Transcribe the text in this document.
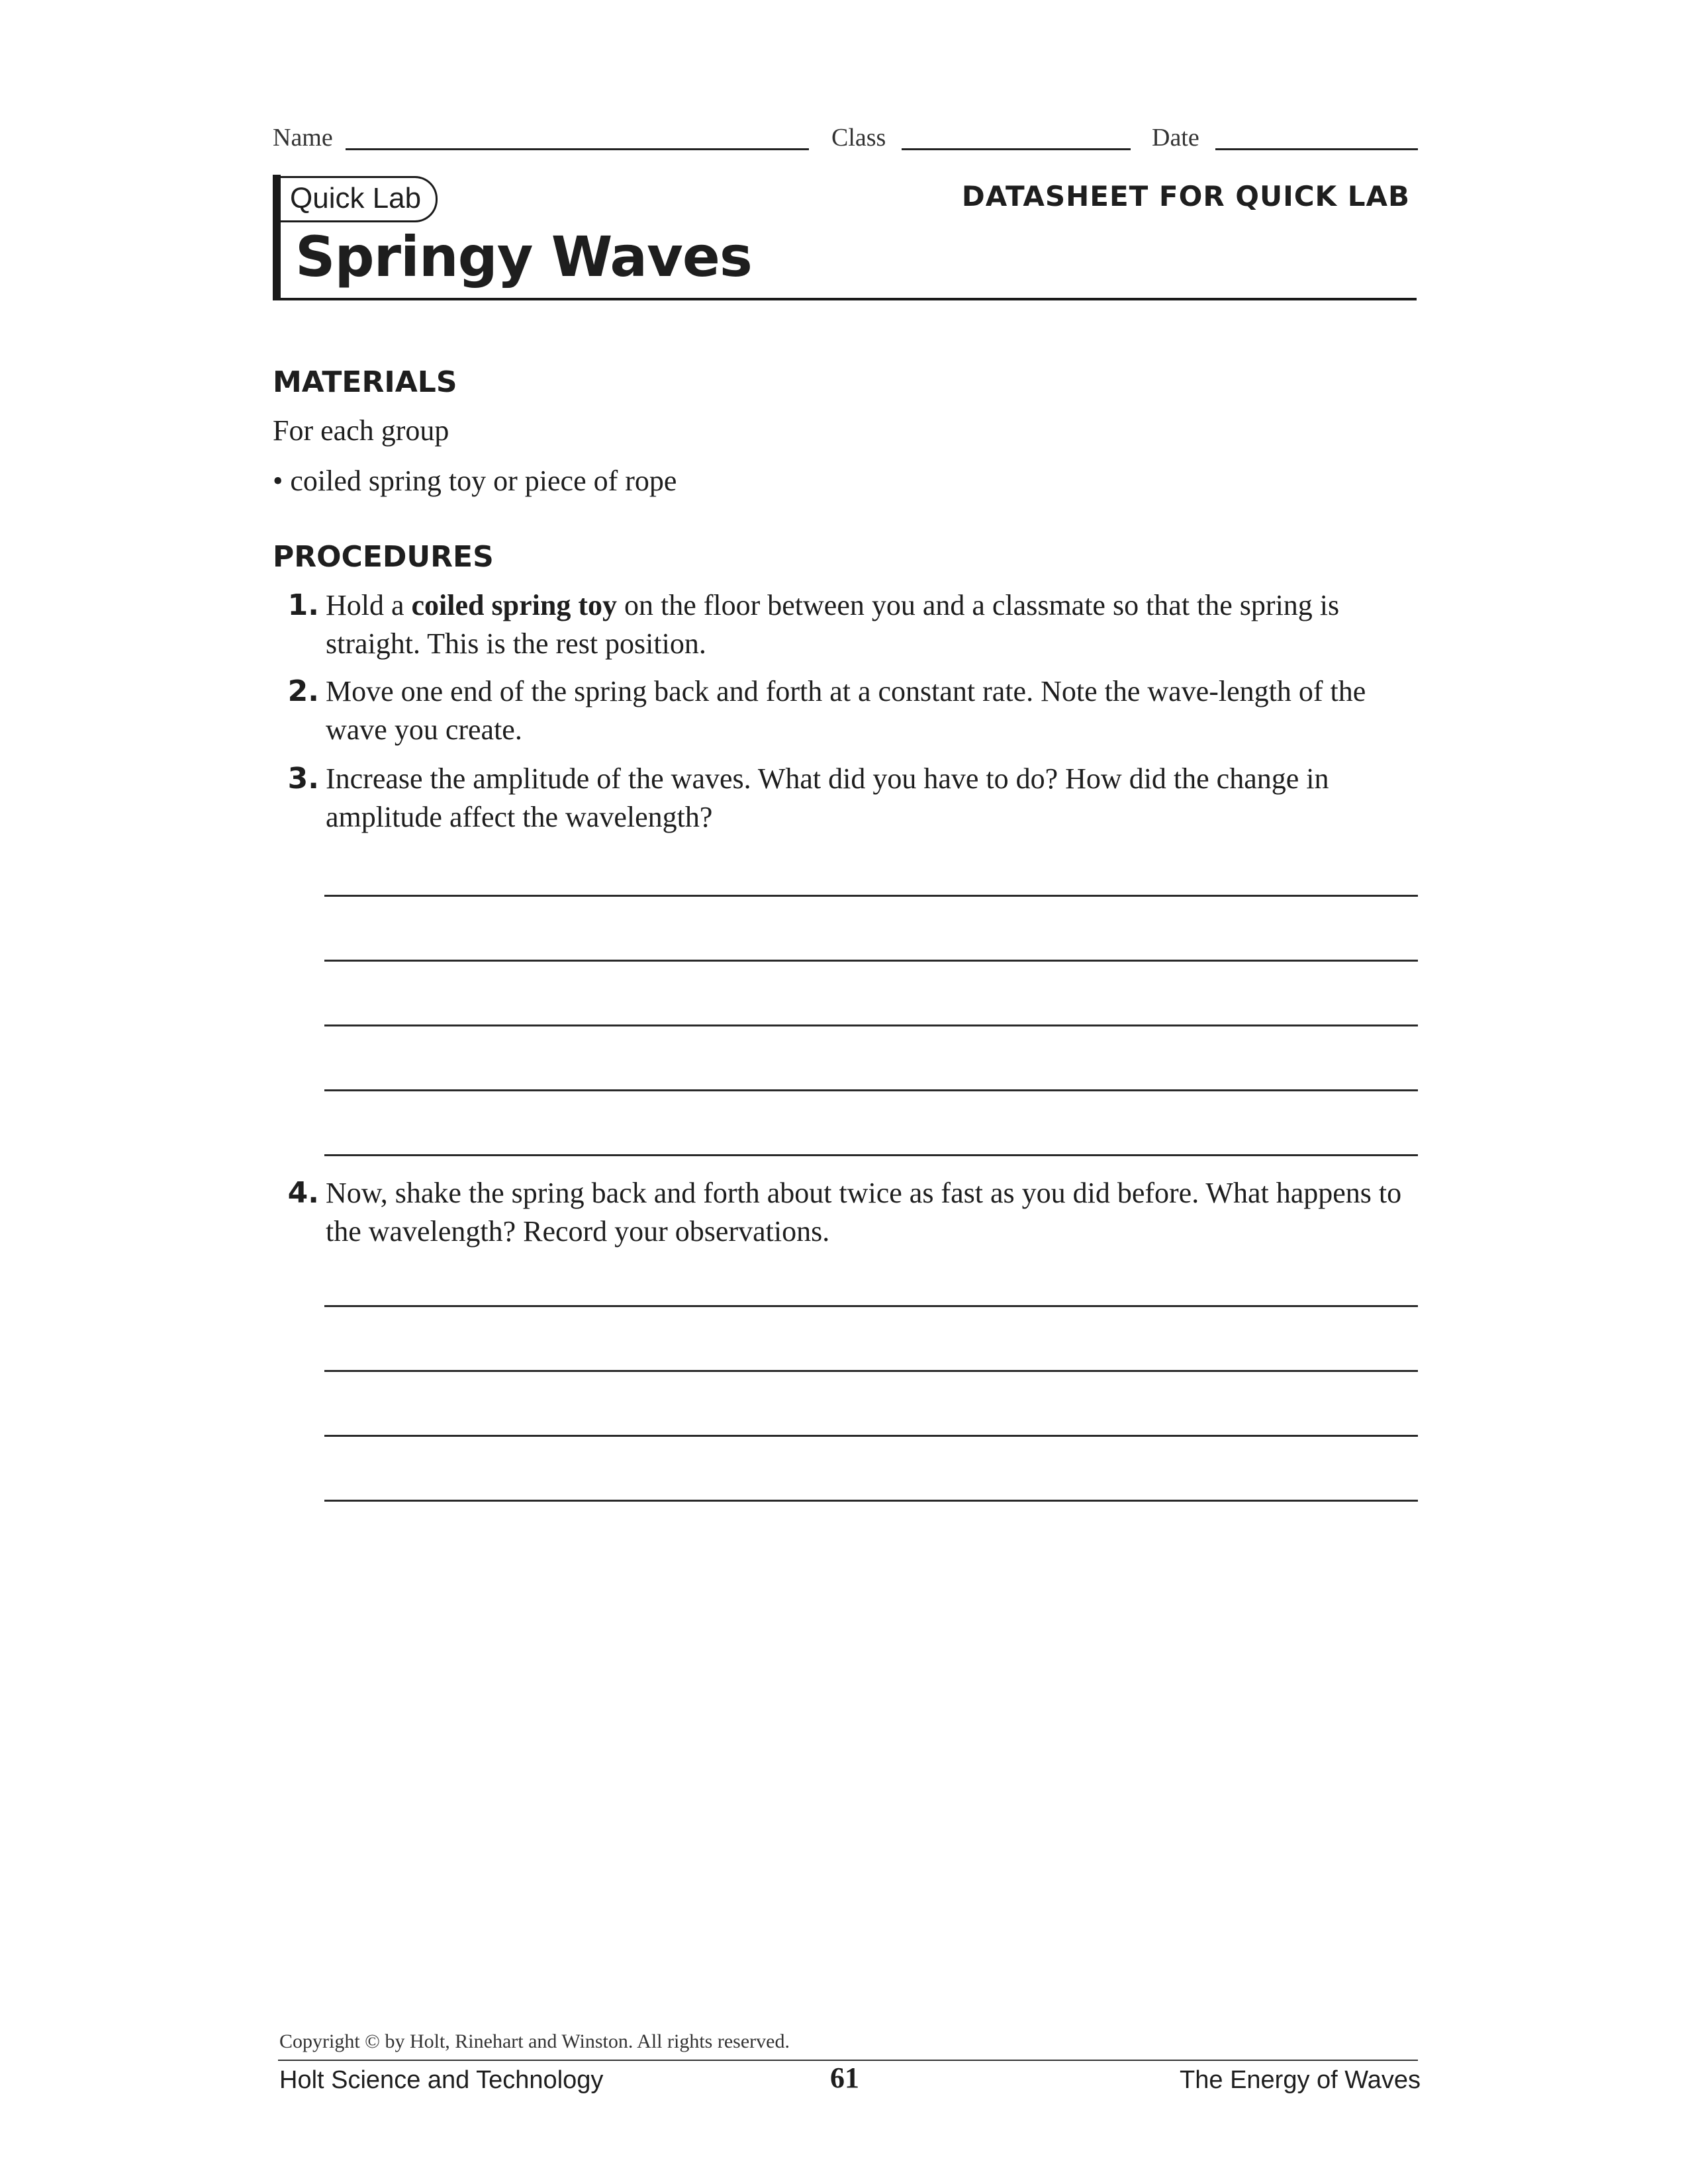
Name	Class	Date
Quick Lab
Springy Waves
DATASHEET FOR QUICK LAB
MATERIALS
For each group
• coiled spring toy or piece of rope
PROCEDURES
1. Hold a coiled spring toy on the floor between you and a classmate so that the spring is straight. This is the rest position.
2. Move one end of the spring back and forth at a constant rate. Note the wave-length of the wave you create.
3. Increase the amplitude of the waves. What did you have to do? How did the change in amplitude affect the wavelength?
4. Now, shake the spring back and forth about twice as fast as you did before. What happens to the wavelength? Record your observations.
Copyright © by Holt, Rinehart and Winston. All rights reserved.
Holt Science and Technology	61	The Energy of Waves
